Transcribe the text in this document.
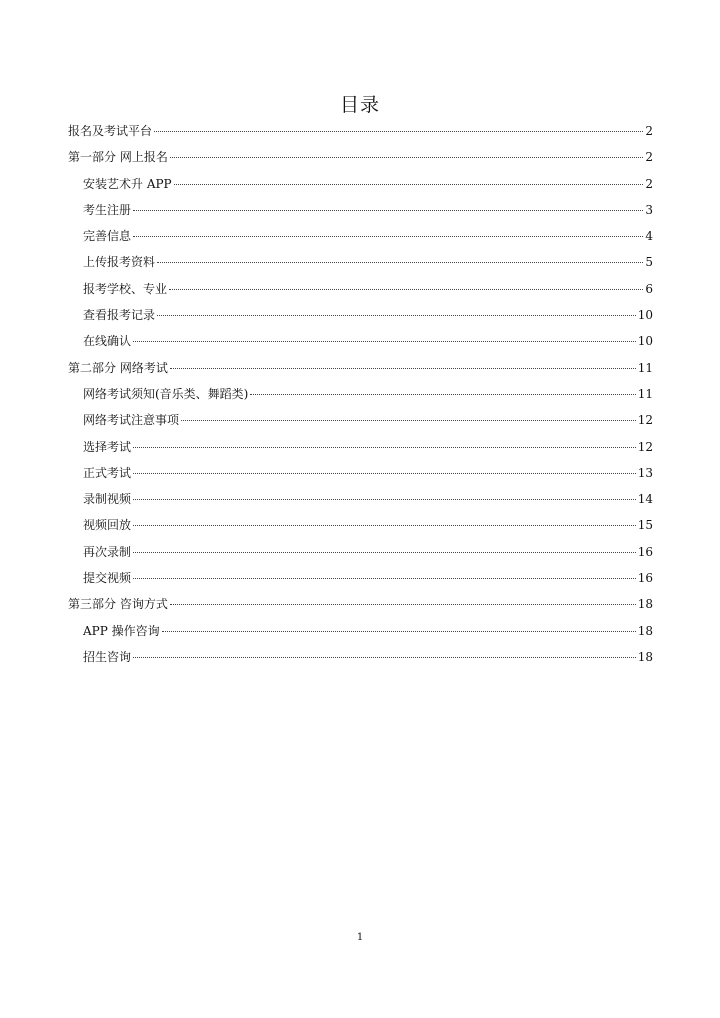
目录
报名及考试平台	2
第一部分 网上报名	2
安装艺术升 APP	2
考生注册	3
完善信息	4
上传报考资料	5
报考学校、专业	6
查看报考记录	10
在线确认	10
第二部分 网络考试	11
网络考试须知(音乐类、舞蹈类)	11
网络考试注意事项	12
选择考试	12
正式考试	13
录制视频	14
视频回放	15
再次录制	16
提交视频	16
第三部分 咨询方式	18
APP 操作咨询	18
招生咨询	18
1
